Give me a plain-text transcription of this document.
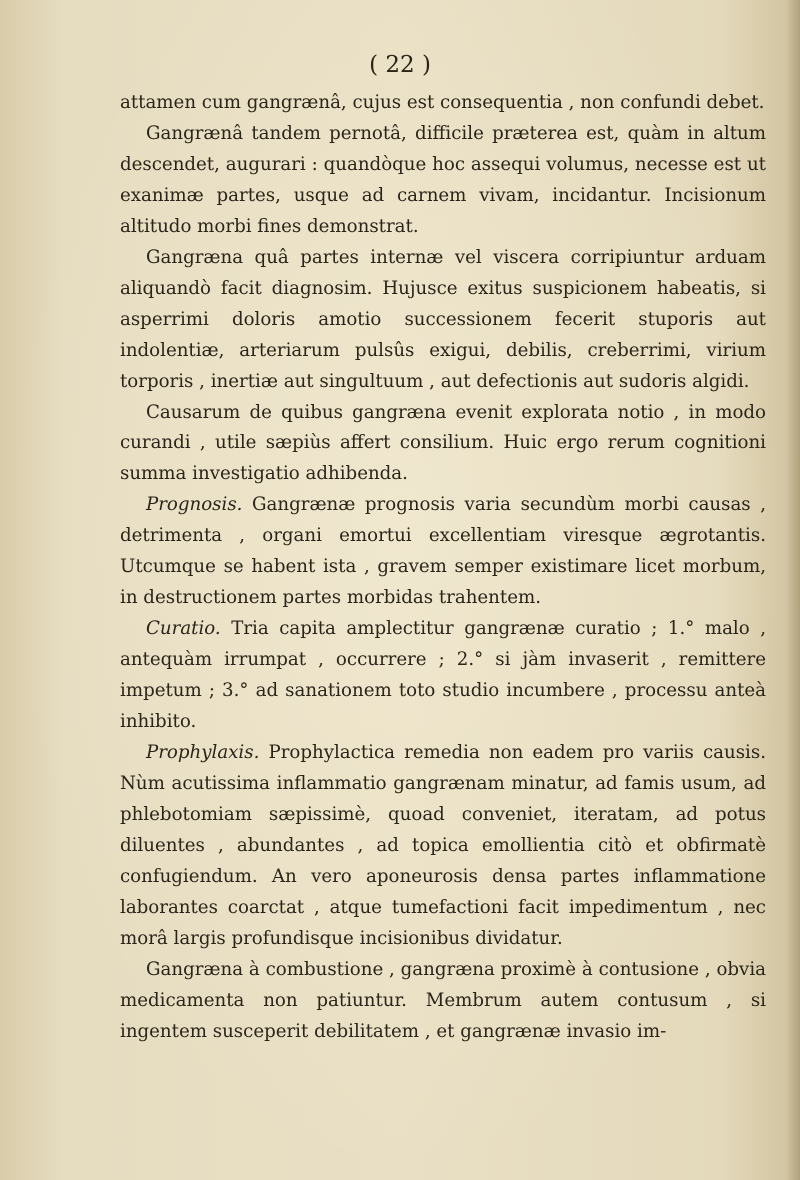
( 22 )

attamen cum gangrænâ, cujus est consequentia , non confundi debet.

Gangrænâ tandem pernotâ, difficile præterea est, quàm in altum descendet, augurari : quandòque hoc assequi volumus, necesse est ut exanimæ partes, usque ad carnem vivam, incidantur. Incisionum altitudo morbi fines demonstrat.

Gangræna quâ partes internæ vel viscera corripiuntur arduam aliquandò facit diagnosim. Hujusce exitus suspicionem habeatis, si asperrimi doloris amotio successionem fecerit stuporis aut indolentiæ, arteriarum pulsûs exigui, debilis, creberrimi, virium torporis , inertiæ aut singultuum , aut defectionis aut sudoris algidi.

Causarum de quibus gangræna evenit explorata notio , in modo curandi , utile sæpiùs affert consilium. Huic ergo rerum cognitioni summa investigatio adhibenda.

Prognosis. Gangrænæ prognosis varia secundùm morbi causas , detrimenta , organi emortui excellentiam viresque ægrotantis. Utcumque se habent ista , gravem semper existimare licet morbum, in destructionem partes morbidas trahentem.

Curatio. Tria capita amplectitur gangrænæ curatio ; 1.° malo , antequàm irrumpat , occurrere ; 2.° si jàm invaserit , remittere impetum ; 3.° ad sanationem toto studio incumbere , processu anteà inhibito.

Prophylaxis. Prophylactica remedia non eadem pro variis causis. Nùm acutissima inflammatio gangrænam minatur, ad famis usum, ad phlebotomiam sæpissimè, quoad conveniet, iteratam, ad potus diluentes , abundantes , ad topica emollientia citò et obfirmatè confugiendum. An vero aponeurosis densa partes inflammatione laborantes coarctat , atque tumefactioni facit impedimentum , nec morâ largis profundisque incisionibus dividatur.

Gangræna à combustione , gangræna proximè à contusione , obvia medicamenta non patiuntur. Membrum autem contusum , si ingentem susceperit debilitatem , et gangrænæ invasio im-
